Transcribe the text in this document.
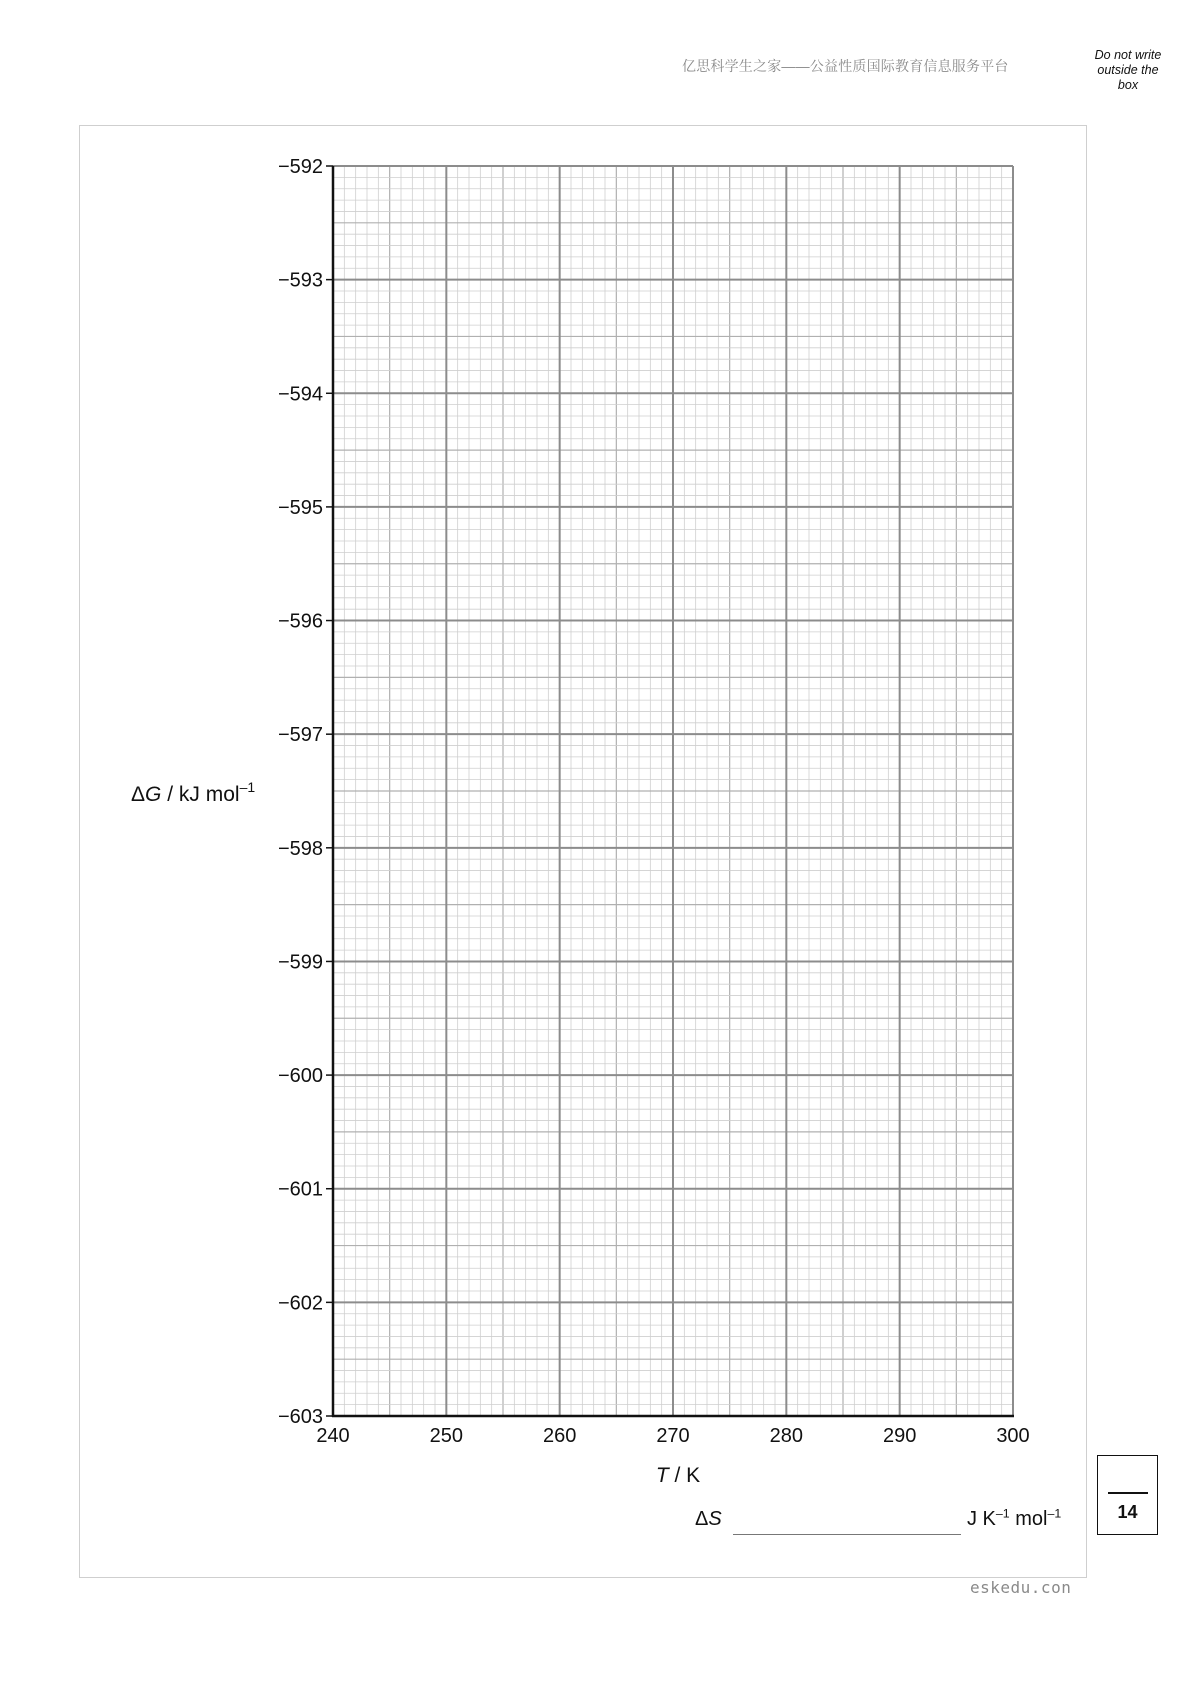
亿思科学生之家——公益性质国际教育信息服务平台
Do not write
outside the
box
−592
−593
−594
−595
−596
−597
−598
−599
−600
−601
−602
−603
240	250	260	270	280	290	300
ΔG / kJ mol$^{-1}$
T / K
ΔS	J $K^{-1}$ mol$^{-1}$	14
eskedu.con
